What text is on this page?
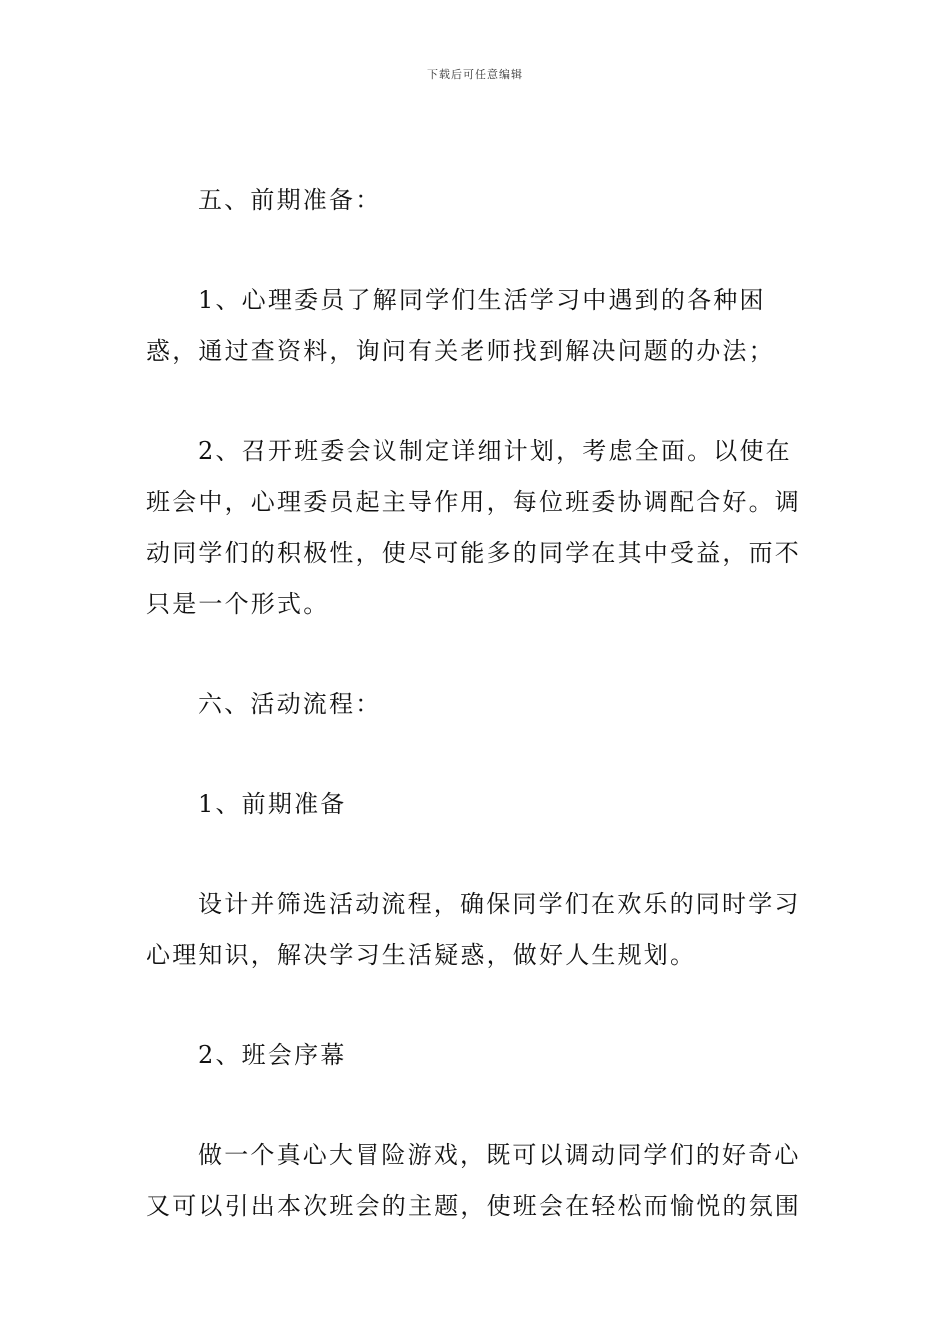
下载后可任意编辑

五、前期准备：

1、心理委员了解同学们生活学习中遇到的各种困惑，通过查资料，询问有关老师找到解决问题的办法；

2、召开班委会议制定详细计划，考虑全面。以使在班会中，心理委员起主导作用，每位班委协调配合好。调动同学们的积极性，使尽可能多的同学在其中受益，而不只是一个形式。

六、活动流程：

1、前期准备

设计并筛选活动流程，确保同学们在欢乐的同时学习心理知识，解决学习生活疑惑，做好人生规划。

2、班会序幕

做一个真心大冒险游戏，既可以调动同学们的好奇心又可以引出本次班会的主题，使班会在轻松而愉悦的氛围
